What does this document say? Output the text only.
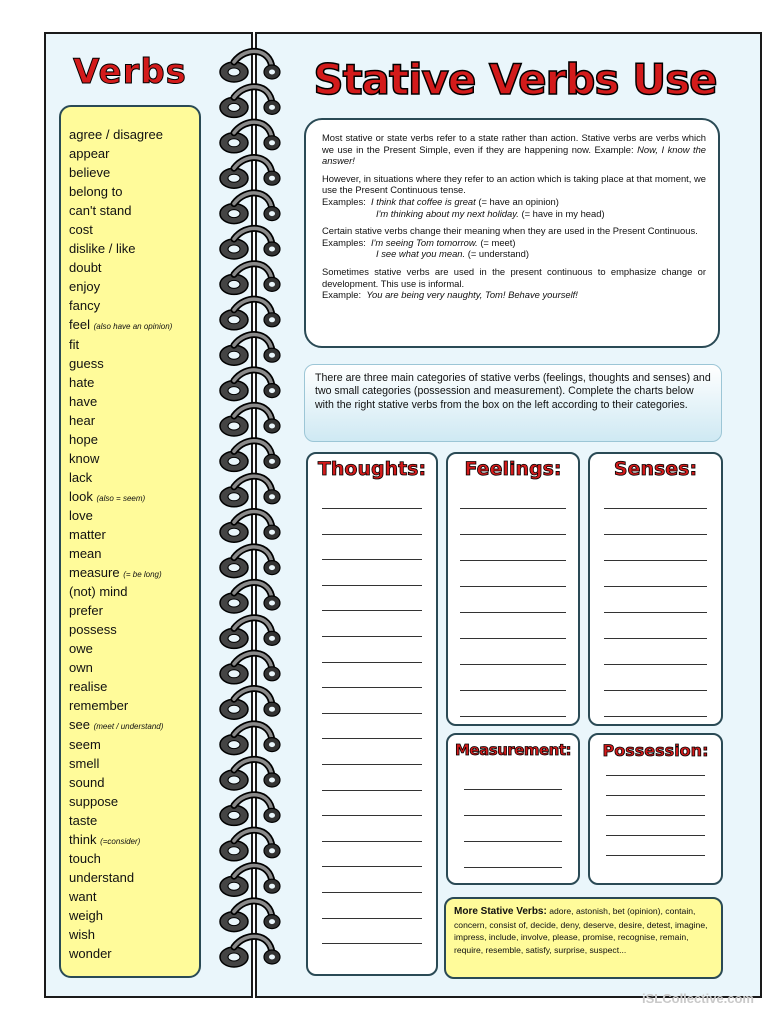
Verbs
agree / disagree
appear
believe
belong to
can't stand
cost
dislike / like
doubt
enjoy
fancy
feel (also have an opinion)
fit
guess
hate
have
hear
hope
know
lack
look (also = seem)
love
matter
mean
measure (= be long)
(not) mind
prefer
possess
owe
own
realise
remember
see (meet / understand)
seem
smell
sound
suppose
taste
think (=consider)
touch
understand
want
weigh
wish
wonder
Stative Verbs Use

Most stative or state verbs refer to a state rather than action. Stative verbs are verbs which we use in the Present Simple, even if they are happening now. Example: Now, I know the answer!

However, in situations where they refer to an action which is taking place at that moment, we use the Present Continuous tense.
Examples: I think that coffee is great (= have an opinion)
I'm thinking about my next holiday. (= have in my head)

Certain stative verbs change their meaning when they are used in the Present Continuous.
Examples: I'm seeing Tom tomorrow. (= meet)
I see what you mean. (= understand)

Sometimes stative verbs are used in the present continuous to emphasize change or development. This use is informal.
Example: You are being very naughty, Tom! Behave yourself!

There are three main categories of stative verbs (feelings, thoughts and senses) and two small categories (possession and measurement). Complete the charts below with the right stative verbs from the box on the left according to their categories.
Thoughts:	Feelings:	Senses:
Measurement:	Possession:
More Stative Verbs: adore, astonish, bet (opinion), contain, concern, consist of, decide, deny, deserve, desire, detest, imagine, impress, include, involve, please, promise, recognise, remain, require, resemble, satisfy, surprise, suspect...
iSLCollective.com
